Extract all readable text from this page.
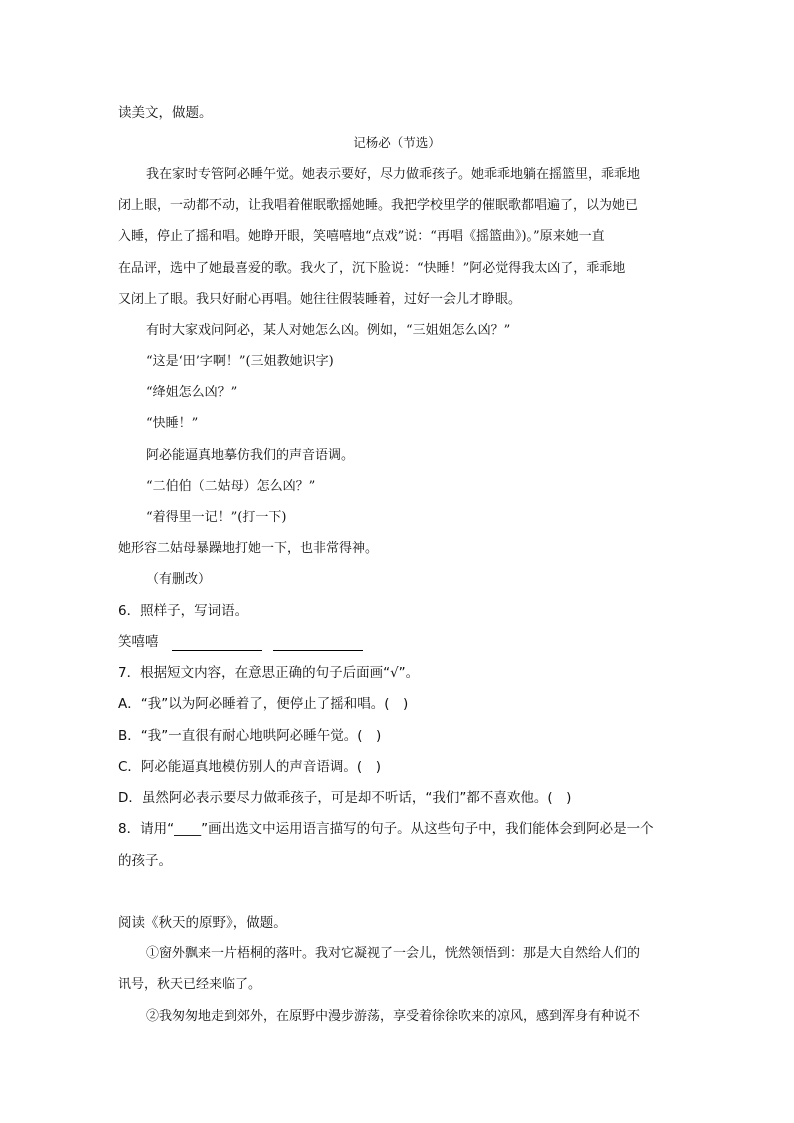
读美文，做题。
记杨必（节选）
我在家时专管阿必睡午觉。她表示要好，尽力做乖孩子。她乖乖地躺在摇篮里，乖乖地
闭上眼，一动都不动，让我唱着催眠歌摇她睡。我把学校里学的催眠歌都唱遍了，以为她已
入睡，停止了摇和唱。她睁开眼，笑嘻嘻地“点戏”说：“再唱《摇篮曲》)。”原来她一直
在品评，选中了她最喜爱的歌。我火了，沉下脸说：“快睡！”阿必觉得我太凶了，乖乖地
又闭上了眼。我只好耐心再唱。她往往假装睡着，过好一会儿才睁眼。
有时大家戏问阿必，某人对她怎么凶。例如，“三姐姐怎么凶？”
“这是‘田’字啊！”(三姐教她识字)
“绛姐怎么凶？”
“快睡！”
阿必能逼真地摹仿我们的声音语调。
“二伯伯（二姑母）怎么凶？”
“着得里一记！”(打一下)
她形容二姑母暴躁地打她一下，也非常得神。
（有删改）
6．照样子，写词语。
笑嘻嘻
7．根据短文内容，在意思正确的句子后面画“√”。
A．“我”以为阿必睡着了，便停止了摇和唱。(　)
B．“我”一直很有耐心地哄阿必睡午觉。(　)
C．阿必能逼真地模仿别人的声音语调。(　)
D．虽然阿必表示要尽力做乖孩子，可是却不听话，“我们”都不喜欢他。(　)
8．请用“____”画出选文中运用语言描写的句子。从这些句子中，我们能体会到阿必是一个
的孩子。
阅读《秋天的原野》，做题。
①窗外飘来一片梧桐的落叶。我对它凝视了一会儿，恍然领悟到：那是大自然给人们的
讯号，秋天已经来临了。
②我匆匆地走到郊外，在原野中漫步游荡，享受着徐徐吹来的凉风，感到浑身有种说不
